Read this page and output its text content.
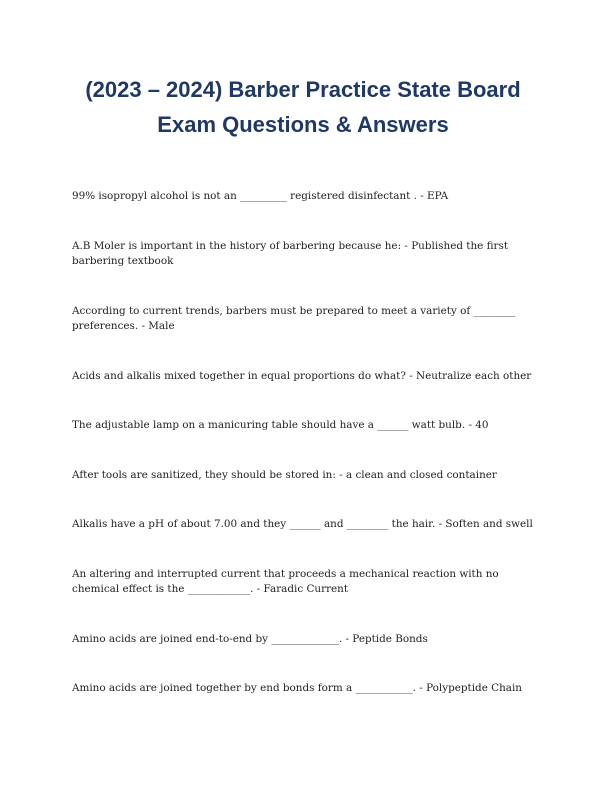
(2023 – 2024) Barber Practice State Board
Exam Questions & Answers
99% isopropyl alcohol is not an _________ registered disinfectant . - EPA
A.B Moler is important in the history of barbering because he: - Published the first barbering textbook
According to current trends, barbers must be prepared to meet a variety of ________ preferences. - Male
Acids and alkalis mixed together in equal proportions do what? - Neutralize each other
The adjustable lamp on a manicuring table should have a ______ watt bulb. - 40
After tools are sanitized, they should be stored in: - a clean and closed container
Alkalis have a pH of about 7.00 and they ______ and ________ the hair. - Soften and swell
An altering and interrupted current that proceeds a mechanical reaction with no chemical effect is the ____________. - Faradic Current
Amino acids are joined end-to-end by _____________. - Peptide Bonds
Amino acids are joined together by end bonds form a ___________. - Polypeptide Chain
